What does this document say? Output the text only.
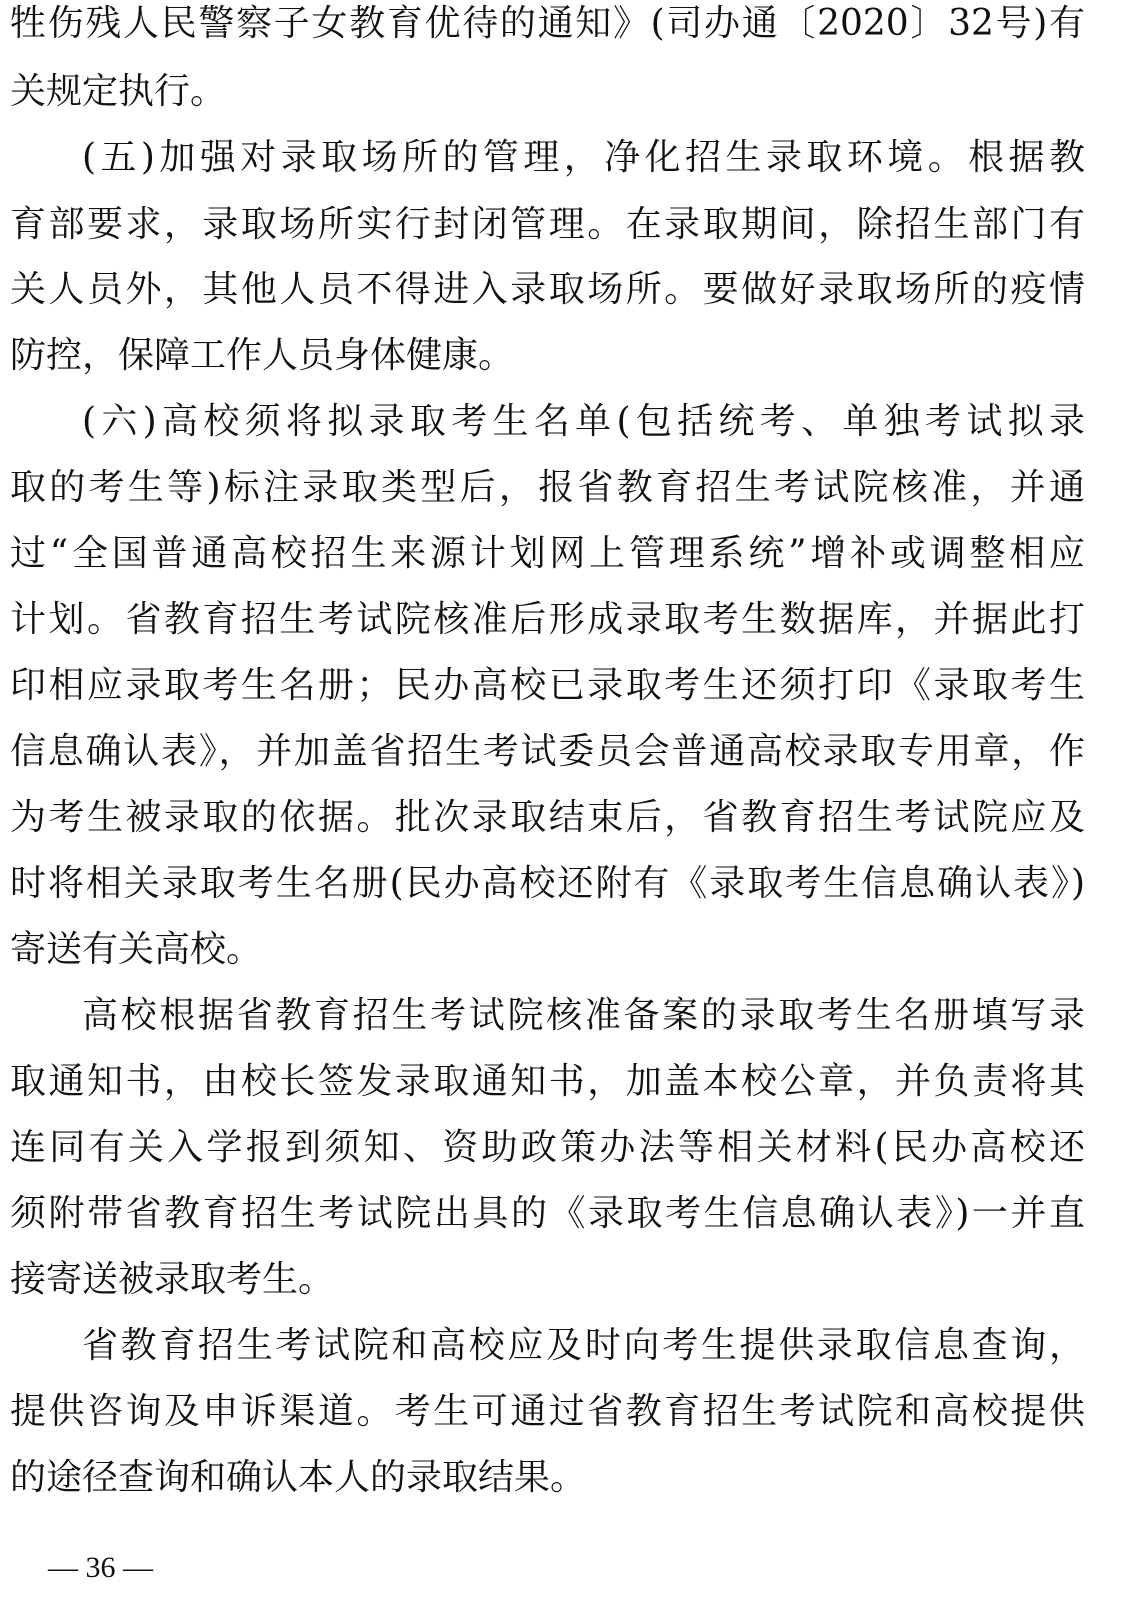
牲伤残人民警察子女教育优待的通知》(司办通〔2020〕32号)有
关规定执行。
(五)加强对录取场所的管理，净化招生录取环境。根据教
育部要求，录取场所实行封闭管理。在录取期间，除招生部门有
关人员外，其他人员不得进入录取场所。要做好录取场所的疫情
防控，保障工作人员身体健康。
(六)高校须将拟录取考生名单(包括统考、单独考试拟录
取的考生等)标注录取类型后，报省教育招生考试院核准，并通
过“全国普通高校招生来源计划网上管理系统”增补或调整相应
计划。省教育招生考试院核准后形成录取考生数据库，并据此打
印相应录取考生名册；民办高校已录取考生还须打印《录取考生
信息确认表》，并加盖省招生考试委员会普通高校录取专用章，作
为考生被录取的依据。批次录取结束后，省教育招生考试院应及
时将相关录取考生名册(民办高校还附有《录取考生信息确认表》)
寄送有关高校。
高校根据省教育招生考试院核准备案的录取考生名册填写录
取通知书，由校长签发录取通知书，加盖本校公章，并负责将其
连同有关入学报到须知、资助政策办法等相关材料(民办高校还
须附带省教育招生考试院出具的《录取考生信息确认表》)一并直
接寄送被录取考生。
省教育招生考试院和高校应及时向考生提供录取信息查询，
提供咨询及申诉渠道。考生可通过省教育招生考试院和高校提供
的途径查询和确认本人的录取结果。
— 36 —
